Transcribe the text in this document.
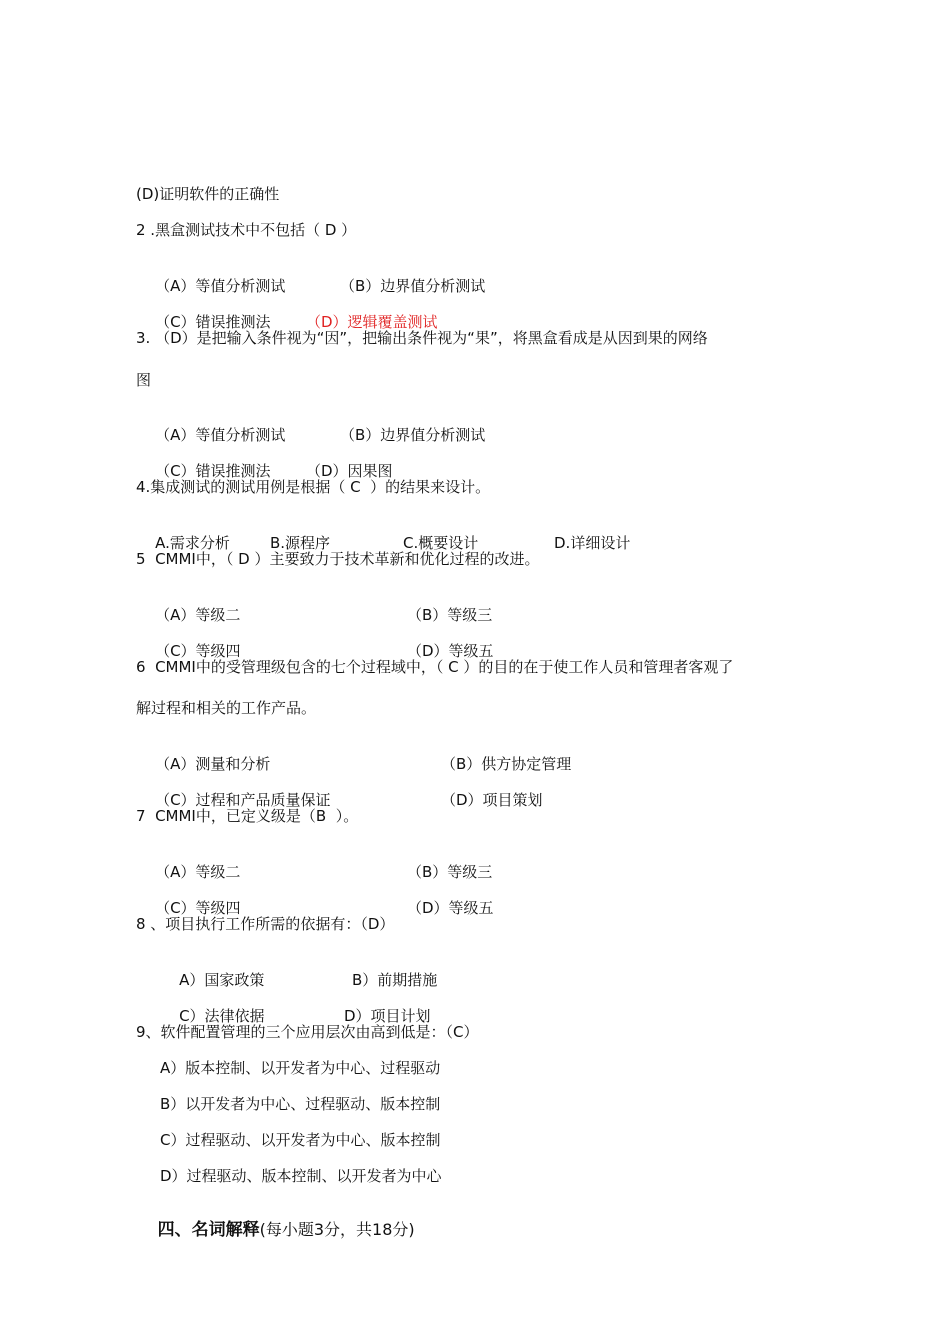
(D)证明软件的正确性
2 .黑盒测试技术中不包括（ D ）

（A）等值分析测试	（B）边界值分析测试

（C）错误推测法 （D）逻辑覆盖测试

3. （D）是把输入条件视为“因”，把输出条件视为“果”，将黑盒看成是从因到果的网络
图

（A）等值分析测试	（B）边界值分析测试

（C）错误推测法 （D）因果图

4.集成测试的测试用例是根据（ C  ）的结果来设计。

A.需求分析	B.源程序	C.概要设计	D.详细设计

5  CMMI中，（ D ）主要致力于技术革新和优化过程的改进。

（A）等级二	（B）等级三

（C）等级四	（D）等级五

6  CMMI中的受管理级包含的七个过程域中，（ C ）的目的在于使工作人员和管理者客观了
解过程和相关的工作产品。

（A）测量和分析	（B）供方协定管理

（C）过程和产品质量保证	（D）项目策划

7  CMMI中，已定义级是（B  ）。

（A）等级二	（B）等级三

（C）等级四	（D）等级五

8 、项目执行工作所需的依据有：（D）

A）国家政策	B）前期措施

C）法律依据	D）项目计划

9、软件配置管理的三个应用层次由高到低是：（C）
A）版本控制、以开发者为中心、过程驱动
B）以开发者为中心、过程驱动、版本控制
C）过程驱动、以开发者为中心、版本控制
D）过程驱动、版本控制、以开发者为中心

四、名词解释(每小题3分，共18分)
